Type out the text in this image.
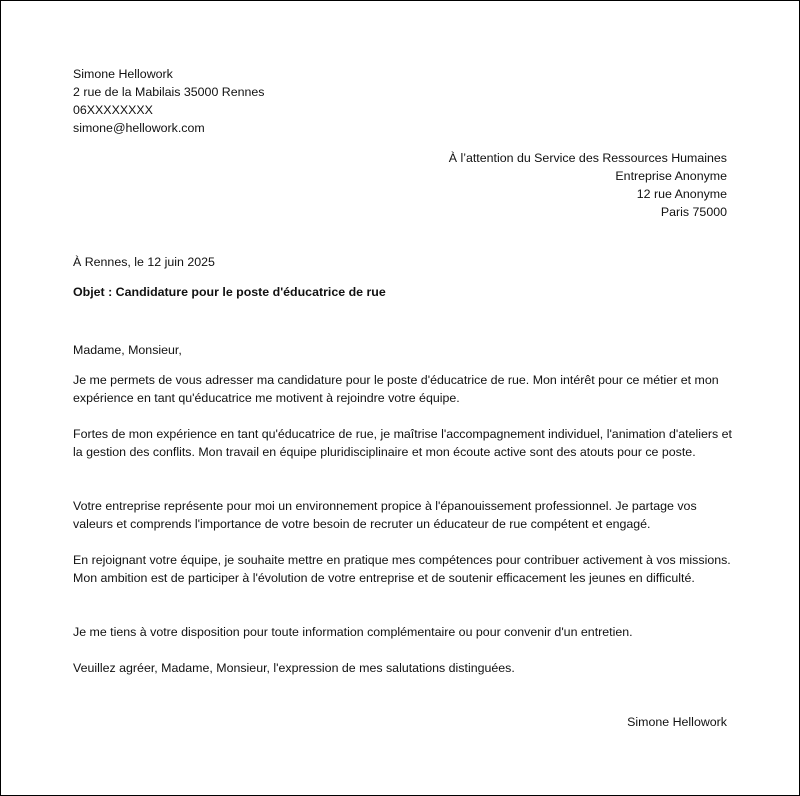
Simone Hellowork
2 rue de la Mabilais 35000 Rennes
06XXXXXXXX
simone@hellowork.com
À l’attention du Service des Ressources Humaines
Entreprise Anonyme
12 rue Anonyme
Paris 75000
À Rennes, le 12 juin 2025
Objet : Candidature pour le poste d'éducatrice de rue
Madame, Monsieur,
Je me permets de vous adresser ma candidature pour le poste d'éducatrice de rue. Mon intérêt pour ce métier et mon expérience en tant qu'éducatrice me motivent à rejoindre votre équipe.
Fortes de mon expérience en tant qu'éducatrice de rue, je maîtrise l'accompagnement individuel, l'animation d'ateliers et la gestion des conflits. Mon travail en équipe pluridisciplinaire et mon écoute active sont des atouts pour ce poste.
Votre entreprise représente pour moi un environnement propice à l'épanouissement professionnel. Je partage vos valeurs et comprends l'importance de votre besoin de recruter un éducateur de rue compétent et engagé.
En rejoignant votre équipe, je souhaite mettre en pratique mes compétences pour contribuer activement à vos missions. Mon ambition est de participer à l'évolution de votre entreprise et de soutenir efficacement les jeunes en difficulté.
Je me tiens à votre disposition pour toute information complémentaire ou pour convenir d'un entretien.
Veuillez agréer, Madame, Monsieur, l'expression de mes salutations distinguées.
Simone Hellowork
